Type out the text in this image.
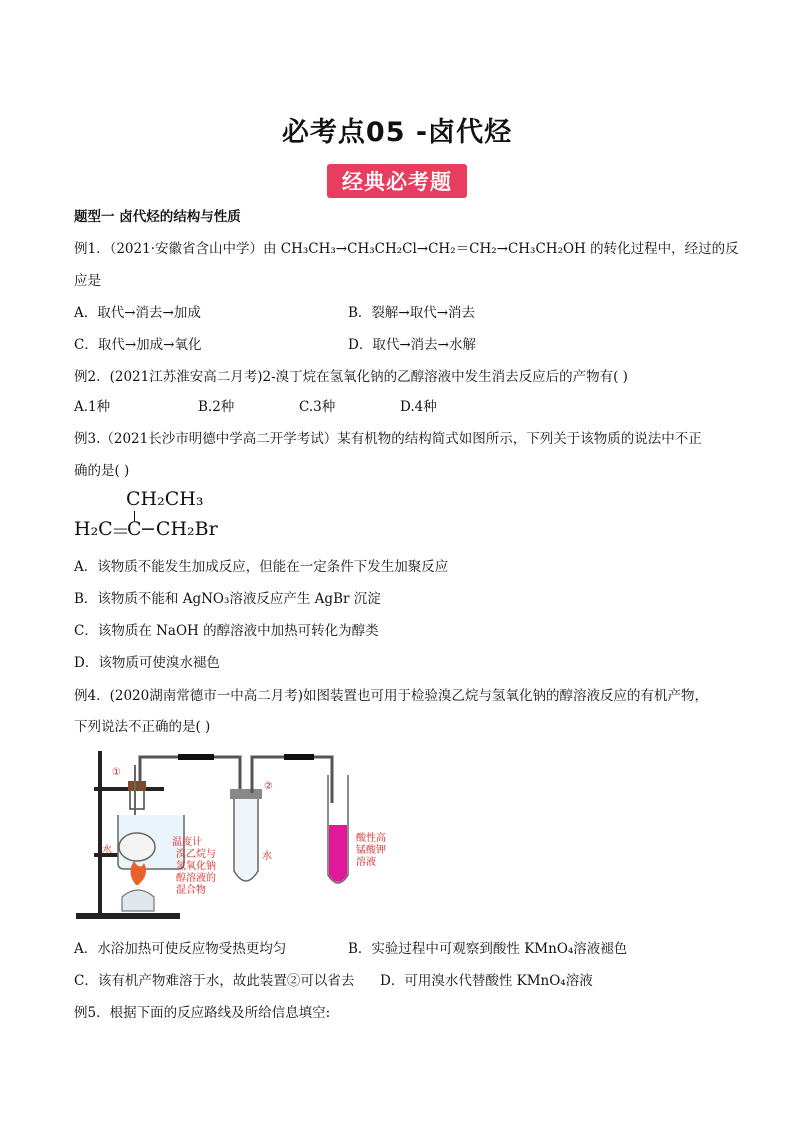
必考点05 -卤代烃
经典必考题
题型一 卤代烃的结构与性质
例1．（2021·安徽省含山中学）由 CH₃CH₃→CH₃CH₂Cl→CH₂＝CH₂→CH₃CH₂OH 的转化过程中，经过的反
应是
A．取代→消去→加成	B．裂解→取代→消去
C．取代→加成→氧化	D．取代→消去→水解
例2．(2021江苏淮安高二月考)2-溴丁烷在氢氧化钠的乙醇溶液中发生消去反应后的产物有( )
A.1种	B.2种	C.3种	D.4种
例3.（2021长沙市明德中学高二开学考试）某有机物的结构简式如图所示，下列关于该物质的说法中不正
确的是( )
CH₂CH₃
H₂C
＝
C
−CH₂Br
A．该物质不能发生加成反应，但能在一定条件下发生加聚反应
B．该物质不能和 AgNO₃溶液反应产生 AgBr 沉淀
C．该物质在 NaOH 的醇溶液中加热可转化为醇类
D．该物质可使溴水褪色
例4．(2020湖南常德市一中高二月考)如图装置也可用于检验溴乙烷与氢氧化钠的醇溶液反应的有机产物，
下列说法不正确的是( )
温度计
水	溴乙烷与
氢氧化钠
醇溶液的
混合物
水
酸性高
锰酸钾
溶液
①
②
A．水浴加热可使反应物受热更均匀	B．实验过程中可观察到酸性 KMnO₄溶液褪色
C．该有机产物难溶于水，故此装置②可以省去 D．可用溴水代替酸性 KMnO₄溶液
例5．根据下面的反应路线及所给信息填空:
